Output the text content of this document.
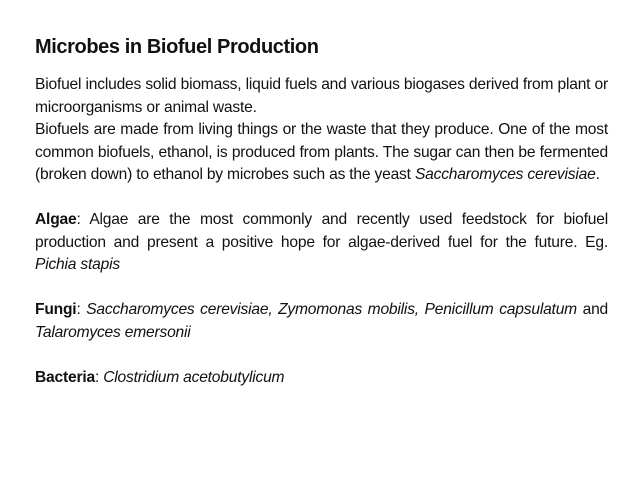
Microbes in Biofuel Production

Biofuel includes solid biomass, liquid fuels and various biogases derived from plant or microorganisms or animal waste.

Biofuels are made from living things or the waste that they produce. One of the most common biofuels, ethanol, is produced from plants. The sugar can then be fermented (broken down) to ethanol by microbes such as the yeast Saccharomyces cerevisiae.

Algae: Algae are the most commonly and recently used feedstock for biofuel production and present a positive hope for algae-derived fuel for the future. Eg. Pichia stapis

Fungi: Saccharomyces cerevisiae, Zymomonas mobilis, Penicillum capsulatum and Talaromyces emersonii

Bacteria: Clostridium acetobutylicum
